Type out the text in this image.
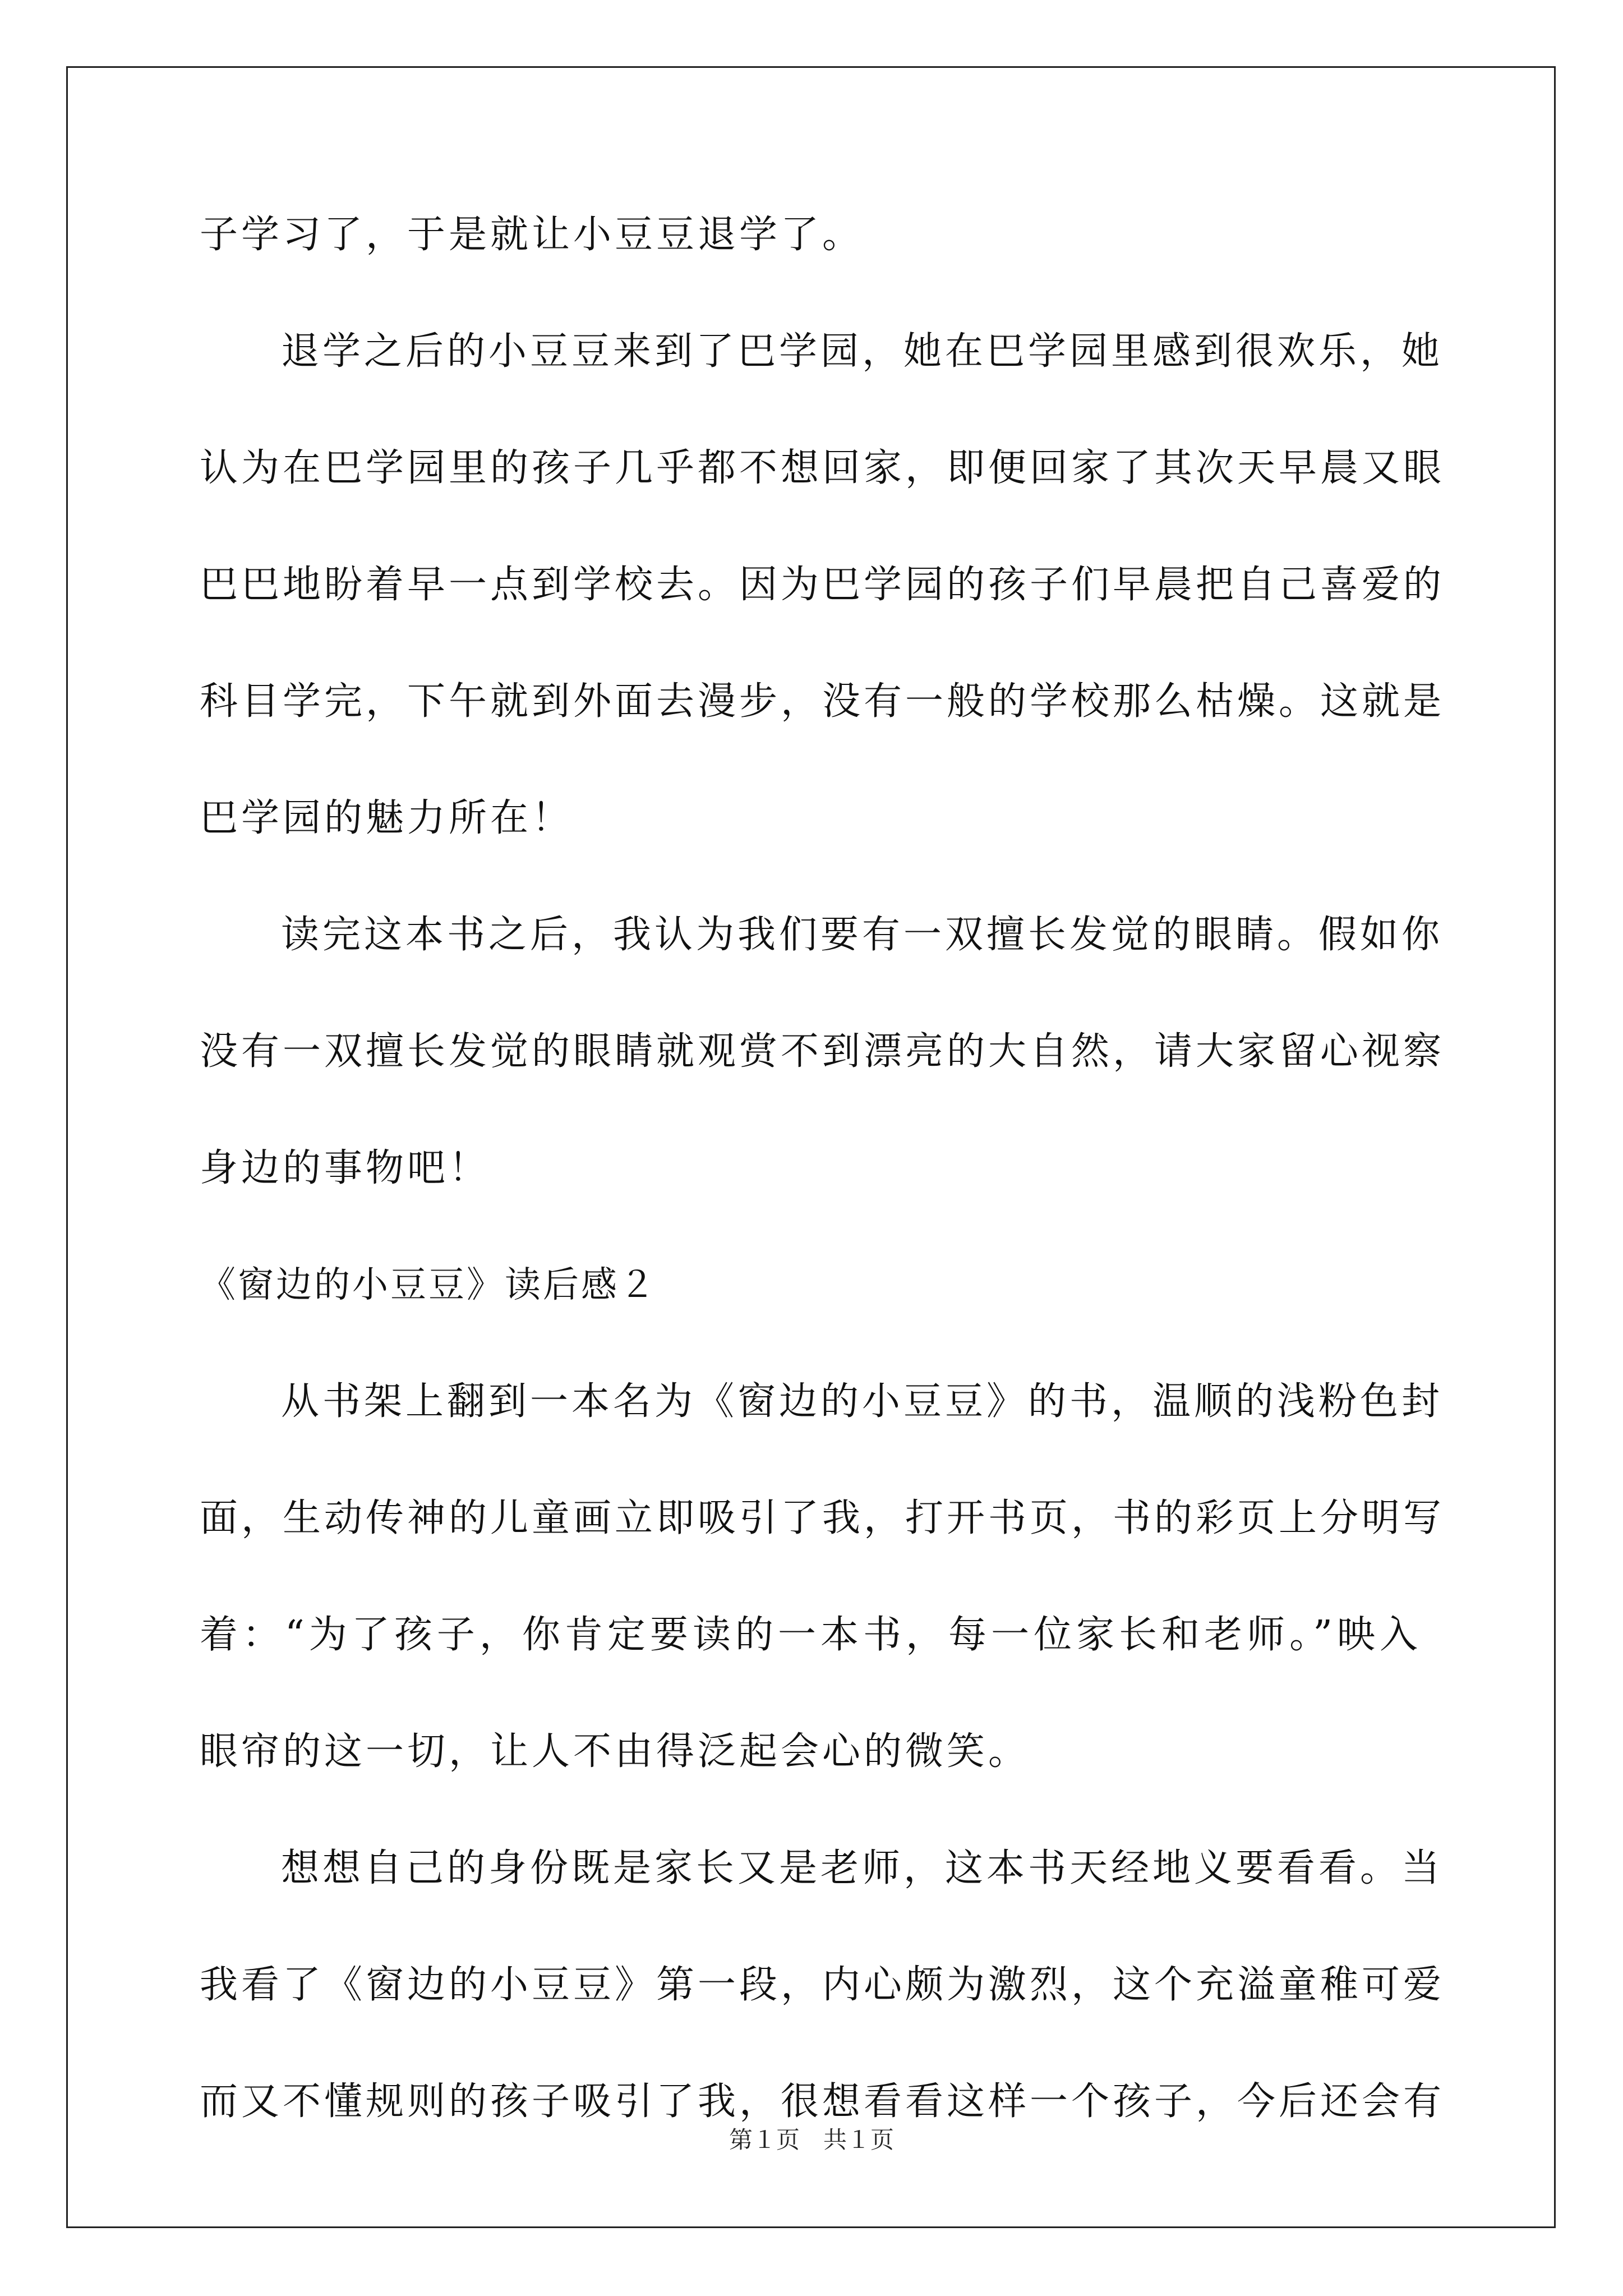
子学习了，于是就让小豆豆退学了。
退学之后的小豆豆来到了巴学园，她在巴学园里感到很欢乐，她
认为在巴学园里的孩子几乎都不想回家，即便回家了其次天早晨又眼
巴巴地盼着早一点到学校去。因为巴学园的孩子们早晨把自己喜爱的
科目学完，下午就到外面去漫步，没有一般的学校那么枯燥。这就是
巴学园的魅力所在！
读完这本书之后，我认为我们要有一双擅长发觉的眼睛。假如你
没有一双擅长发觉的眼睛就观赏不到漂亮的大自然，请大家留心视察
身边的事物吧！
《窗边的小豆豆》读后感２
从书架上翻到一本名为《窗边的小豆豆》的书，温顺的浅粉色封
面，生动传神的儿童画立即吸引了我，打开书页，书的彩页上分明写
着：“为了孩子，你肯定要读的一本书，每一位家长和老师。”映入
眼帘的这一切，让人不由得泛起会心的微笑。
想想自己的身份既是家长又是老师，这本书天经地义要看看。当
我看了《窗边的小豆豆》第一段，内心颇为激烈，这个充溢童稚可爱
而又不懂规则的孩子吸引了我，很想看看这样一个孩子，今后还会有
第１页　共１页
